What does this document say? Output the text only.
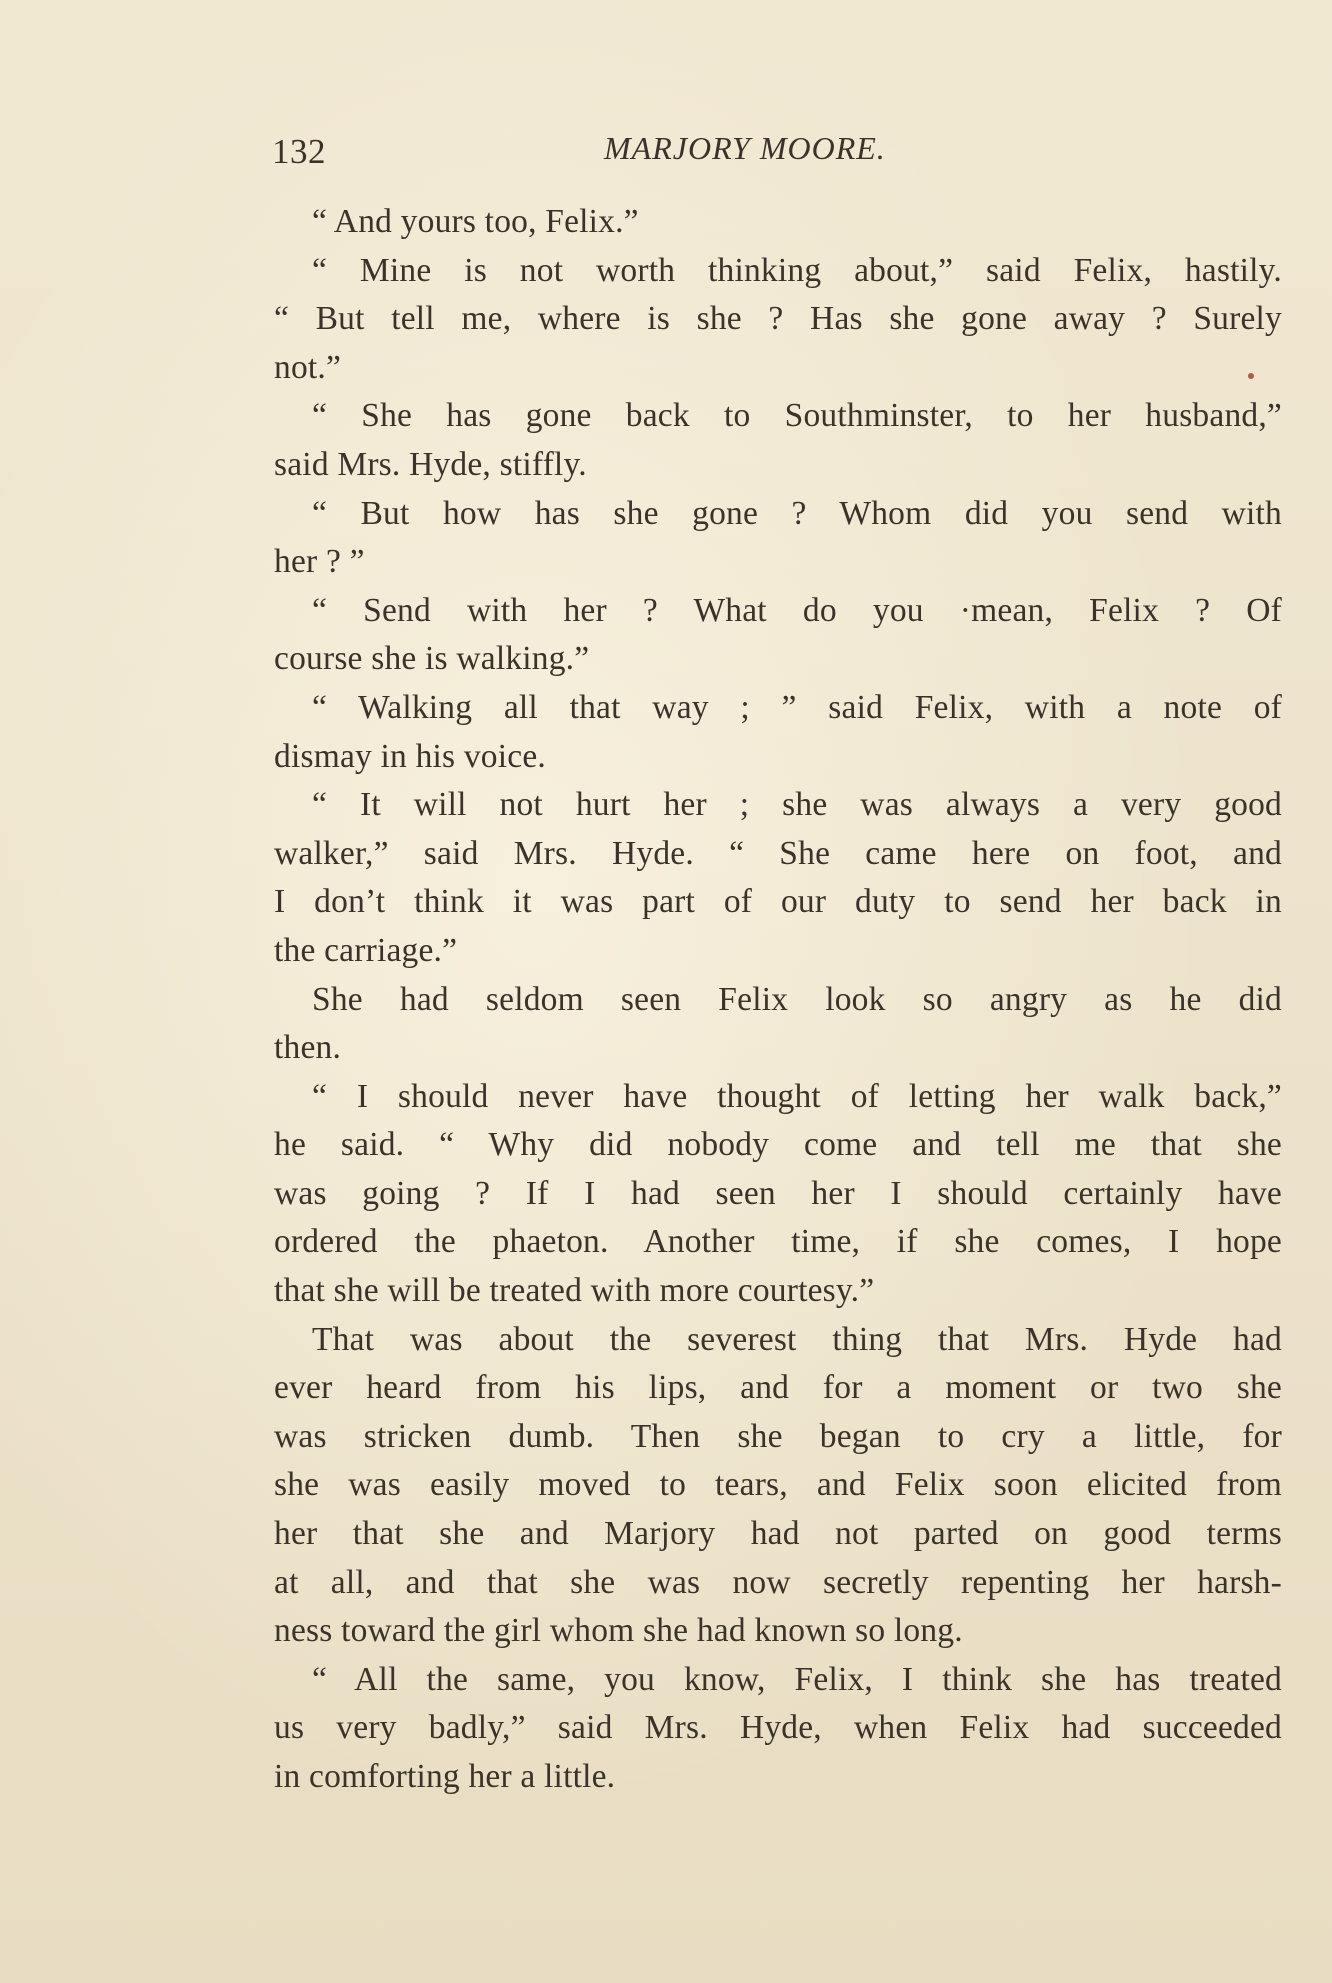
132	MARJORY MOORE.
“ And yours too, Felix.”
“ Mine is not worth thinking about,” said Felix, hastily.
“ But tell me, where is she ? Has she gone away ? Surely
not.”
“ She has gone back to Southminster, to her husband,”
said Mrs. Hyde, stiffly.
“ But how has she gone ? Whom did you send with
her ? ”
“ Send with her ? What do you ·mean, Felix ? Of
course she is walking.”
“ Walking all that way ; ” said Felix, with a note of
dismay in his voice.
“ It will not hurt her ; she was always a very good
walker,” said Mrs. Hyde. “ She came here on foot, and
I don’t think it was part of our duty to send her back in
the carriage.”
She had seldom seen Felix look so angry as he did
then.
“ I should never have thought of letting her walk back,”
he said. “ Why did nobody come and tell me that she
was going ? If I had seen her I should certainly have
ordered the phaeton. Another time, if she comes, I hope
that she will be treated with more courtesy.”
That was about the severest thing that Mrs. Hyde had
ever heard from his lips, and for a moment or two she
was stricken dumb. Then she began to cry a little, for
she was easily moved to tears, and Felix soon elicited from
her that she and Marjory had not parted on good terms
at all, and that she was now secretly repenting her harsh-
ness toward the girl whom she had known so long.
“ All the same, you know, Felix, I think she has treated
us very badly,” said Mrs. Hyde, when Felix had succeeded
in comforting her a little.
